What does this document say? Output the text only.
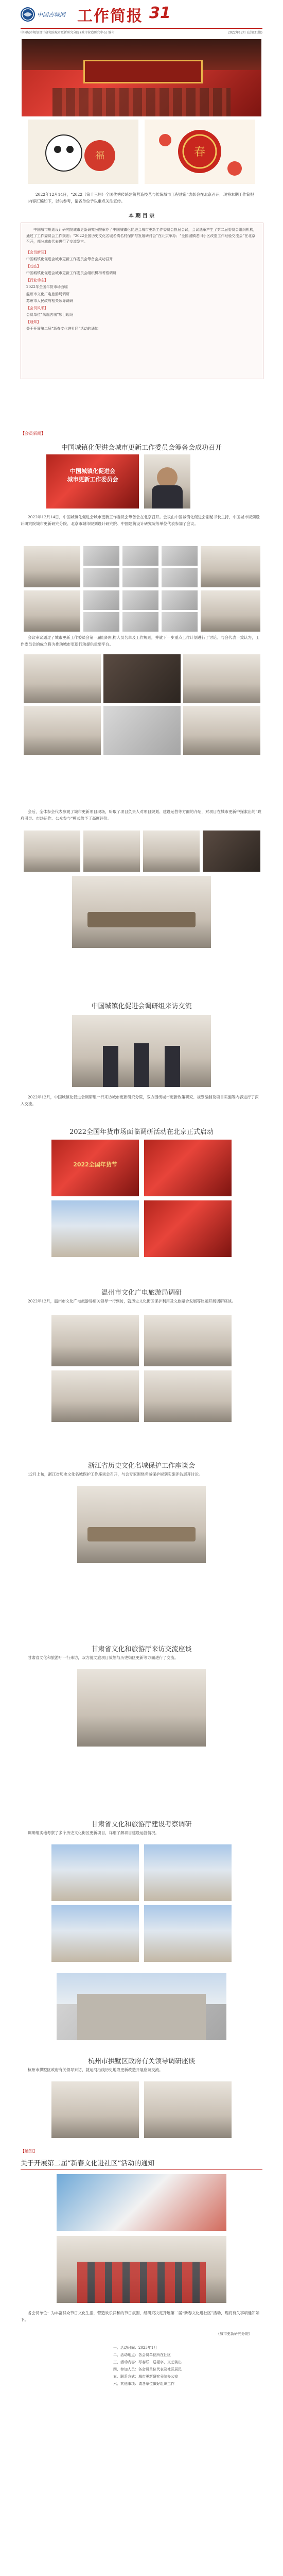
中国古城网 工作简报 31
中国城市规划设计研究院城市更新研究分院 (城市营造研究中心) 编印	2022年12月 (总第31期)
福	春

2022年12月14日，“2022（第十三届）全国优秀传统建筑营造技艺与传统城市工程建造”表彰会在北京召开，现将本期工作简报内容汇编如下，以供参考，请各单位予以重点关注宣传。

本 期 目 录

中国城市规划设计研究院城市更新研究分院举办了中国城镇化促进会城市更新工作委员会换届会议，会议选举产生了第二届委员会组织机构，通过了工作委员会工作规则；“2022全国历史文化名城名镇名村保护与发展研讨会”在北京举办；“全国城镇老旧小区改造工作经验交流会”在北京召开，部分城市代表进行了交流发言。

【会员新闻】
中国城镇化促进会城市更新工作委员会筹备会成功召开
【动态】
中国城镇化促进会城市更新工作委员会组织机构考察调研
【行业动态】
2022年全国年货市场面临
温州市文化广电旅游局调研
苏州市人民政府相关领导调研
【会员风采】
会员单位“凤凰古城”项目现场
【通知】
关于开展第二届“新春文化进社区”活动的通知
【会员新闻】
中国城镇化促进会城市更新工作委员会筹备会成功召开
中国城镇化促进会
城市更新工作委员会

2022年12月14日，中国城镇化促进会城市更新工作委员会筹备会在北京召开。会议由中国城镇化促进会副秘书长主持，中国城市规划设计研究院城市更新研究分院、北京市城市规划设计研究院、中国建筑设计研究院等单位代表参加了会议。

会议审议通过了城市更新工作委员会第一届组织机构人员名单及工作规则，并就下一步重点工作计划进行了讨论。与会代表一致认为，工作委员会的成立将为推动城市更新行动提供重要平台。

会后，全体参会代表参观了城市更新项目现场，听取了项目负责人对项目规划、建设运营等方面的介绍，对项目在城市更新中探索出的“政府引导、市场运作、公众参与”模式给予了高度评价。

中国城镇化促进会调研组来访交流

2022年12月，中国城镇化促进会调研组一行来访城市更新研究分院，双方围绕城市更新政策研究、规划编制及项目实施等内容进行了深入交流。

2022全国年货市场面临调研活动在北京正式启动
2022全国年货节
温州市文化广电旅游局调研

2022年12月，温州市文化广电旅游局相关领导一行到访，就历史文化街区保护利用及文旅融合发展等议题开展调研座谈。

浙江省历史文化名城保护工作座谈会

12月上旬，浙江省历史文化名城保护工作座谈会召开，与会专家围绕名城保护规划实施评估展开讨论。

甘肃省文化和旅游厅来访交流座谈

甘肃省文化和旅游厅一行来访，双方就文旅项目策划与历史街区更新等方面进行了交流。

甘肃省文化和旅游厅建设考察调研

调研组实地考察了多个历史文化街区更新项目，详细了解项目建设运营情况。

杭州市拱墅区政府有关领导调研座谈

杭州市拱墅区政府有关领导来访，就运河沿线历史地段更新改造开展座谈交流。

【通知】
关于开展第二届“新春文化进社区”活动的通知

各会员单位：为丰富群众节日文化生活，营造欢乐祥和的节日氛围，经研究决定开展第二届“新春文化进社区”活动，现将有关事项通知如下。

（城市更新研究分院）
一、活动时间：2023年1月
二、活动地点：各会员单位所在社区
三、活动内容：写春联、送福字、文艺演出
四、参加人员：各会员单位代表及社区居民
五、联系方式：城市更新研究分院办公室
六、其他事项：请各单位做好组织工作
